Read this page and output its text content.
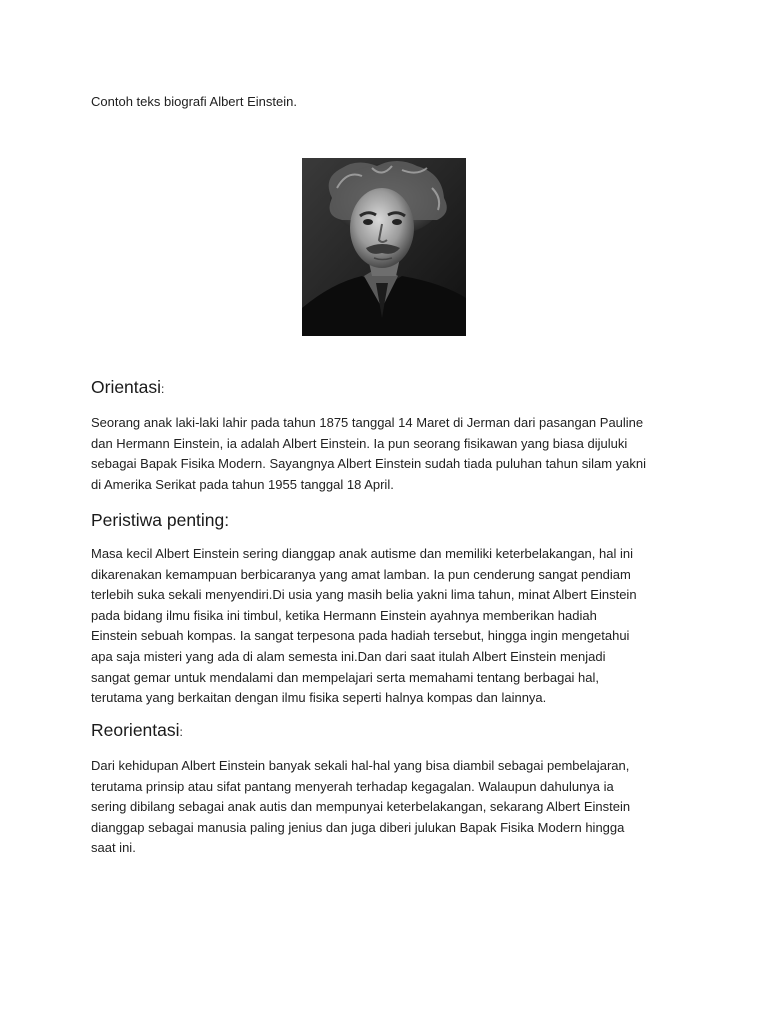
Contoh teks biografi Albert Einstein.

Orientasi:
Seorang anak laki-laki lahir pada tahun 1875 tanggal 14 Maret di Jerman dari pasangan Pauline
dan Hermann Einstein, ia adalah Albert Einstein. Ia pun seorang fisikawan yang biasa dijuluki
sebagai Bapak Fisika Modern. Sayangnya Albert Einstein sudah tiada puluhan tahun silam yakni
di Amerika Serikat pada tahun 1955 tanggal 18 April.
Peristiwa penting:
Masa kecil Albert Einstein sering dianggap anak autisme dan memiliki keterbelakangan, hal ini
dikarenakan kemampuan berbicaranya yang amat lamban. Ia pun cenderung sangat pendiam
terlebih suka sekali menyendiri.Di usia yang masih belia yakni lima tahun, minat Albert Einstein
pada bidang ilmu fisika ini timbul, ketika Hermann Einstein ayahnya memberikan hadiah
Einstein sebuah kompas. Ia sangat terpesona pada hadiah tersebut, hingga ingin mengetahui
apa saja misteri yang ada di alam semesta ini.Dan dari saat itulah Albert Einstein menjadi
sangat gemar untuk mendalami dan mempelajari serta memahami tentang berbagai hal,
terutama yang berkaitan dengan ilmu fisika seperti halnya kompas dan lainnya.
Reorientasi:
Dari kehidupan Albert Einstein banyak sekali hal-hal yang bisa diambil sebagai pembelajaran,
terutama prinsip atau sifat pantang menyerah terhadap kegagalan. Walaupun dahulunya ia
sering dibilang sebagai anak autis dan mempunyai keterbelakangan, sekarang Albert Einstein
dianggap sebagai manusia paling jenius dan juga diberi julukan Bapak Fisika Modern hingga
saat ini.
